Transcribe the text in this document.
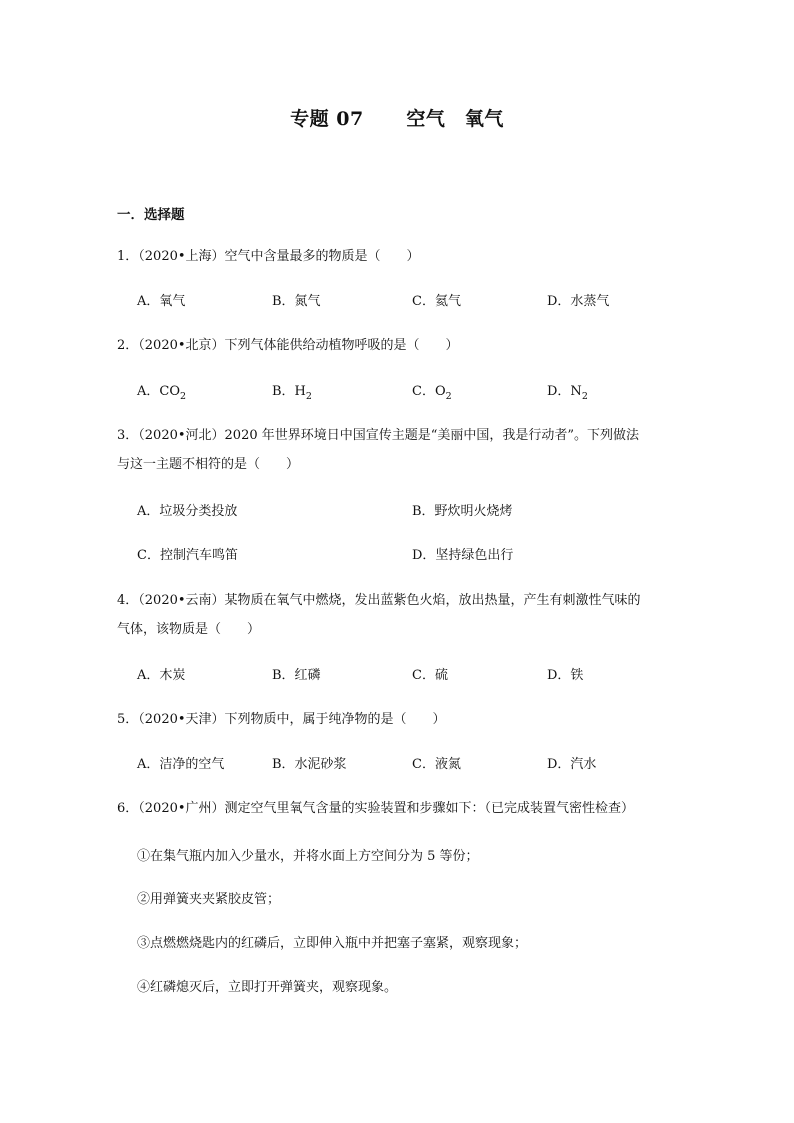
专题 07 空气　氧气
一．选择题
1．（2020•上海）空气中含量最多的物质是（　　）
A．氧气	B．氮气	C．氦气	D．水蒸气
2．（2020•北京）下列气体能供给动植物呼吸的是（　　）
A．$CO_2$	B．$H_2$	C．$O_2$	D．$N_2$
3．（2020•河北）2020 年世界环境日中国宣传主题是“美丽中国，我是行动者”。下列做法
与这一主题不相符的是（　　）
A．垃圾分类投放	B．野炊明火烧烤
C．控制汽车鸣笛	D．坚持绿色出行
4．（2020•云南）某物质在氧气中燃烧，发出蓝紫色火焰，放出热量，产生有刺激性气味的
气体，该物质是（　　）
A．木炭	B．红磷	C．硫	D．铁
5．（2020•天津）下列物质中，属于纯净物的是（　　）
A．洁净的空气	B．水泥砂浆	C．液氮	D．汽水
6．（2020•广州）测定空气里氧气含量的实验装置和步骤如下：（已完成装置气密性检查）
①在集气瓶内加入少量水，并将水面上方空间分为 5 等份；
②用弹簧夹夹紧胶皮管；
③点燃燃烧匙内的红磷后，立即伸入瓶中并把塞子塞紧，观察现象；
④红磷熄灭后，立即打开弹簧夹，观察现象。
